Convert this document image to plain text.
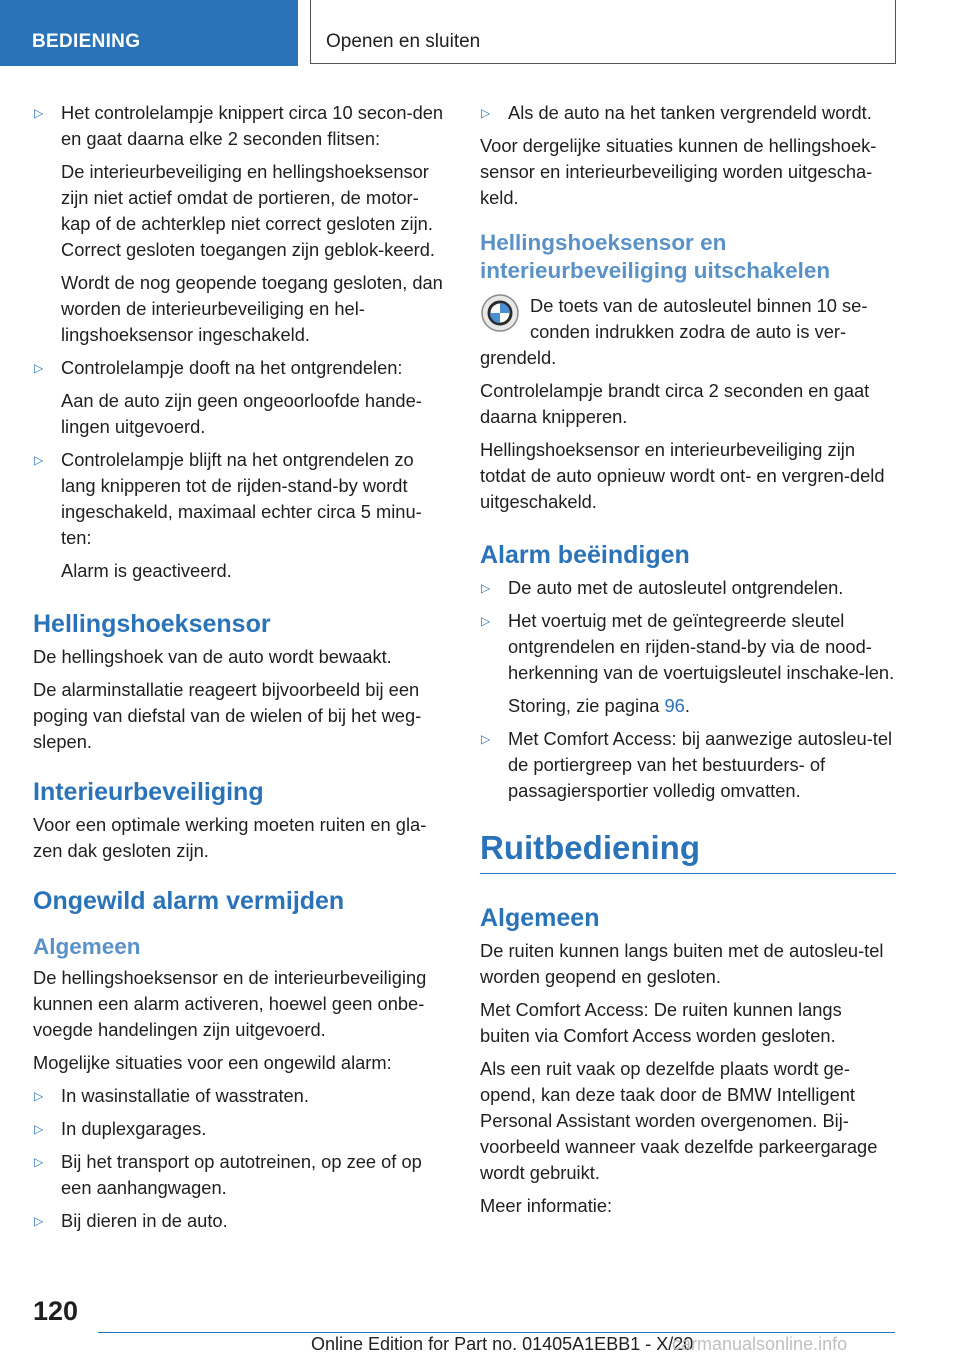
BEDIENING	Openen en sluiten

▷ Het controlelampje knippert circa 10 secon-den en gaat daarna elke 2 seconden flitsen:

De interieurbeveiliging en hellingshoeksensor zijn niet actief omdat de portieren, de motor-kap of de achterklep niet correct gesloten zijn. Correct gesloten toegangen zijn geblok-keerd.

Wordt de nog geopende toegang gesloten, dan worden de interieurbeveiliging en hel-lingshoeksensor ingeschakeld.

▷ Controlelampje dooft na het ontgrendelen:

Aan de auto zijn geen ongeoorloofde hande-lingen uitgevoerd.

▷ Controlelampje blijft na het ontgrendelen zo lang knipperen tot de rijden-stand-by wordt ingeschakeld, maximaal echter circa 5 minu-ten:

Alarm is geactiveerd.

Hellingshoeksensor

De hellingshoek van de auto wordt bewaakt.

De alarminstallatie reageert bijvoorbeeld bij een poging van diefstal van de wielen of bij het weg-slepen.

Interieurbeveiliging

Voor een optimale werking moeten ruiten en gla-zen dak gesloten zijn.

Ongewild alarm vermijden
Algemeen

De hellingshoeksensor en de interieurbeveiliging kunnen een alarm activeren, hoewel geen onbe-voegde handelingen zijn uitgevoerd.

Mogelijke situaties voor een ongewild alarm:

▷ In wasinstallatie of wasstraten.

▷ In duplexgarages.

▷ Bij het transport op autotreinen, op zee of op een aanhangwagen.

▷ Bij dieren in de auto.

▷ Als de auto na het tanken vergrendeld wordt.

Voor dergelijke situaties kunnen de hellingshoek-sensor en interieurbeveiliging worden uitgescha-keld.

Hellingshoeksensor en interieurbeveiliging uitschakelen

De toets van de autosleutel binnen 10 se-conden indrukken zodra de auto is ver-grendeld.

Controlelampje brandt circa 2 seconden en gaat daarna knipperen.

Hellingshoeksensor en interieurbeveiliging zijn totdat de auto opnieuw wordt ont- en vergren-deld uitgeschakeld.

Alarm beëindigen

▷ De auto met de autosleutel ontgrendelen.

▷ Het voertuig met de geïntegreerde sleutel ontgrendelen en rijden-stand-by via de nood-herkenning van de voertuigsleutel inschake-len.

Storing, zie pagina 96.

▷ Met Comfort Access: bij aanwezige autosleu-tel de portiergreep van het bestuurders- of passagiersportier volledig omvatten.

Ruitbediening
Algemeen

De ruiten kunnen langs buiten met de autosleu-tel worden geopend en gesloten.

Met Comfort Access: De ruiten kunnen langs buiten via Comfort Access worden gesloten.

Als een ruit vaak op dezelfde plaats wordt ge-opend, kan deze taak door de BMW Intelligent Personal Assistant worden overgenomen. Bij-voorbeeld wanneer vaak dezelfde parkeergarage wordt gebruikt.

Meer informatie:

120
Online Edition for Part no. 01405A1EBB1 - X/20
carmanualsonline.info
